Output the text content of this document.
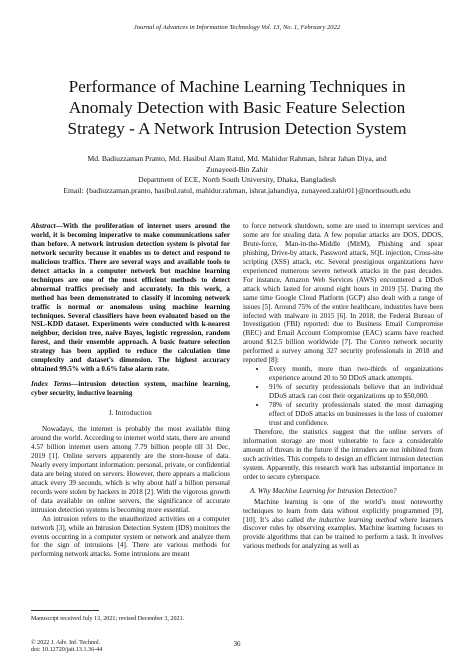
Journal of Advances in Information Technology Vol. 13, No. 1, February 2022
Performance of Machine Learning Techniques in
Anomaly Detection with Basic Feature Selection
Strategy - A Network Intrusion Detection System
Md. Badiuzzaman Pranto, Md. Hasibul Alam Ratul, Md. Mahidur Rahman, Ishrat Jahan Diya, and
Zunayeed-Bin Zahir
Department of ECE, North South University, Dhaka, Bangladesh
Email: {badiuzzaman.pranto, hasibul.ratul, mahidur.rahman, ishrat.jahandiya, zunayeed.zahir01}@northsouth.edu
Abstract—With the proliferation of internet users around the world, it is becoming imperative to make communications safer than before. A network intrusion detection system is pivotal for network security because it enables us to detect and respond to malicious traffics. There are several ways and available tools to detect attacks in a computer network but machine learning techniques are one of the most efficient methods to detect abnormal traffics precisely and accurately. In this work, a method has been demonstrated to classify if incoming network traffic is normal or anomalous using machine learning techniques. Several classifiers have been evaluated based on the NSL-KDD dataset. Experiments were conducted with k-nearest neighbor, decision tree, naive Bayes, logistic regression, random forest, and their ensemble approach. A basic feature selection strategy has been applied to reduce the calculation time complexity and dataset’s dimension. The highest accuracy obtained 99.5% with a 0.6% false alarm rate.
Index Terms—intrusion detection system, machine learning, cyber security, inductive learning
I. Introduction

Nowadays, the internet is probably the most available thing around the world. According to internet world stats, there are around 4.57 billion internet users among 7.79 billion people till 31 Dec, 2019 [1]. Online servers apparently are the store-house of data. Nearly every important information: personal, private, or confidential data are being stored on servers. However, there appears a malicious attack every 39 seconds, which is why about half a billion personal records were stolen by hackers in 2018 [2]. With the vigorous growth of data available on online servers, the significance of accurate intrusion detection systems is becoming more essential.

An intrusion refers to the unauthorized activities on a computer network [3], while an Intrusion Detection System (IDS) monitors the events occurring in a computer system or network and analyze them for the sign of intrusions [4]. There are various methods for performing network attacks. Some intrusions are meant

to force network shutdown, some are used to interrupt services and some are for stealing data. A few popular attacks are DOS, DDOS, Brute-force, Man-in-the-Middle (MitM), Phishing and spear phishing, Drive-by attack, Password attack, SQL injection, Cross-site scripting (XSS) attack, etc. Several prestigious organizations have experienced numerous severe network attacks in the past decades. For instance, Amazon Web Services (AWS) encountered a DDoS attack which lasted for around eight hours in 2019 [5]. During the same time Google Cloud Platform (GCP) also dealt with a range of issues [5]. Around 75% of the entire healthcare, industries have been infected with malware in 2015 [6]. In 2018, the Federal Bureau of Investigation (FBI) reported: due to Business Email Compromise (BEC) and Email Account Compromise (EAC) scams have reached around $12.5 billion worldwide [7]. The Corero network security performed a survey among 327 security professionals in 2018 and reported [8]:

• Every month, more than two-thirds of organizations experience around 20 to 50 DDoS attack attempts.
• 91% of security professionals believe that an individual DDoS attack can cost their organizations up to $50,000.
• 78% of security professionals stated the most damaging effect of DDoS attacks on businesses is the loss of customer trust and confidence.

Therefore, the statistics suggest that the online servers of information storage are most vulnerable to face a considerable amount of threats in the future if the intruders are not inhibited from such activities. This compels to design an efficient intrusion detection system. Apparently, this research work has substantial importance in order to secure cyberspace.

A. Why Machine Learning for Intrusion Detection?

Machine learning is one of the world’s most noteworthy techniques to learn from data without explicitly programmed [9], [10]. It’s also called the inductive learning method where learners discover rules by observing examples. Machine learning focuses to provide algorithms that can be trained to perform a task. It involves various methods for analyzing as well as

Manuscript received July 13, 2021; revised December 3, 2021.
© 2022 J. Adv. Inf. Technol.
doi: 10.12720/jait.13.1.36-44
36
